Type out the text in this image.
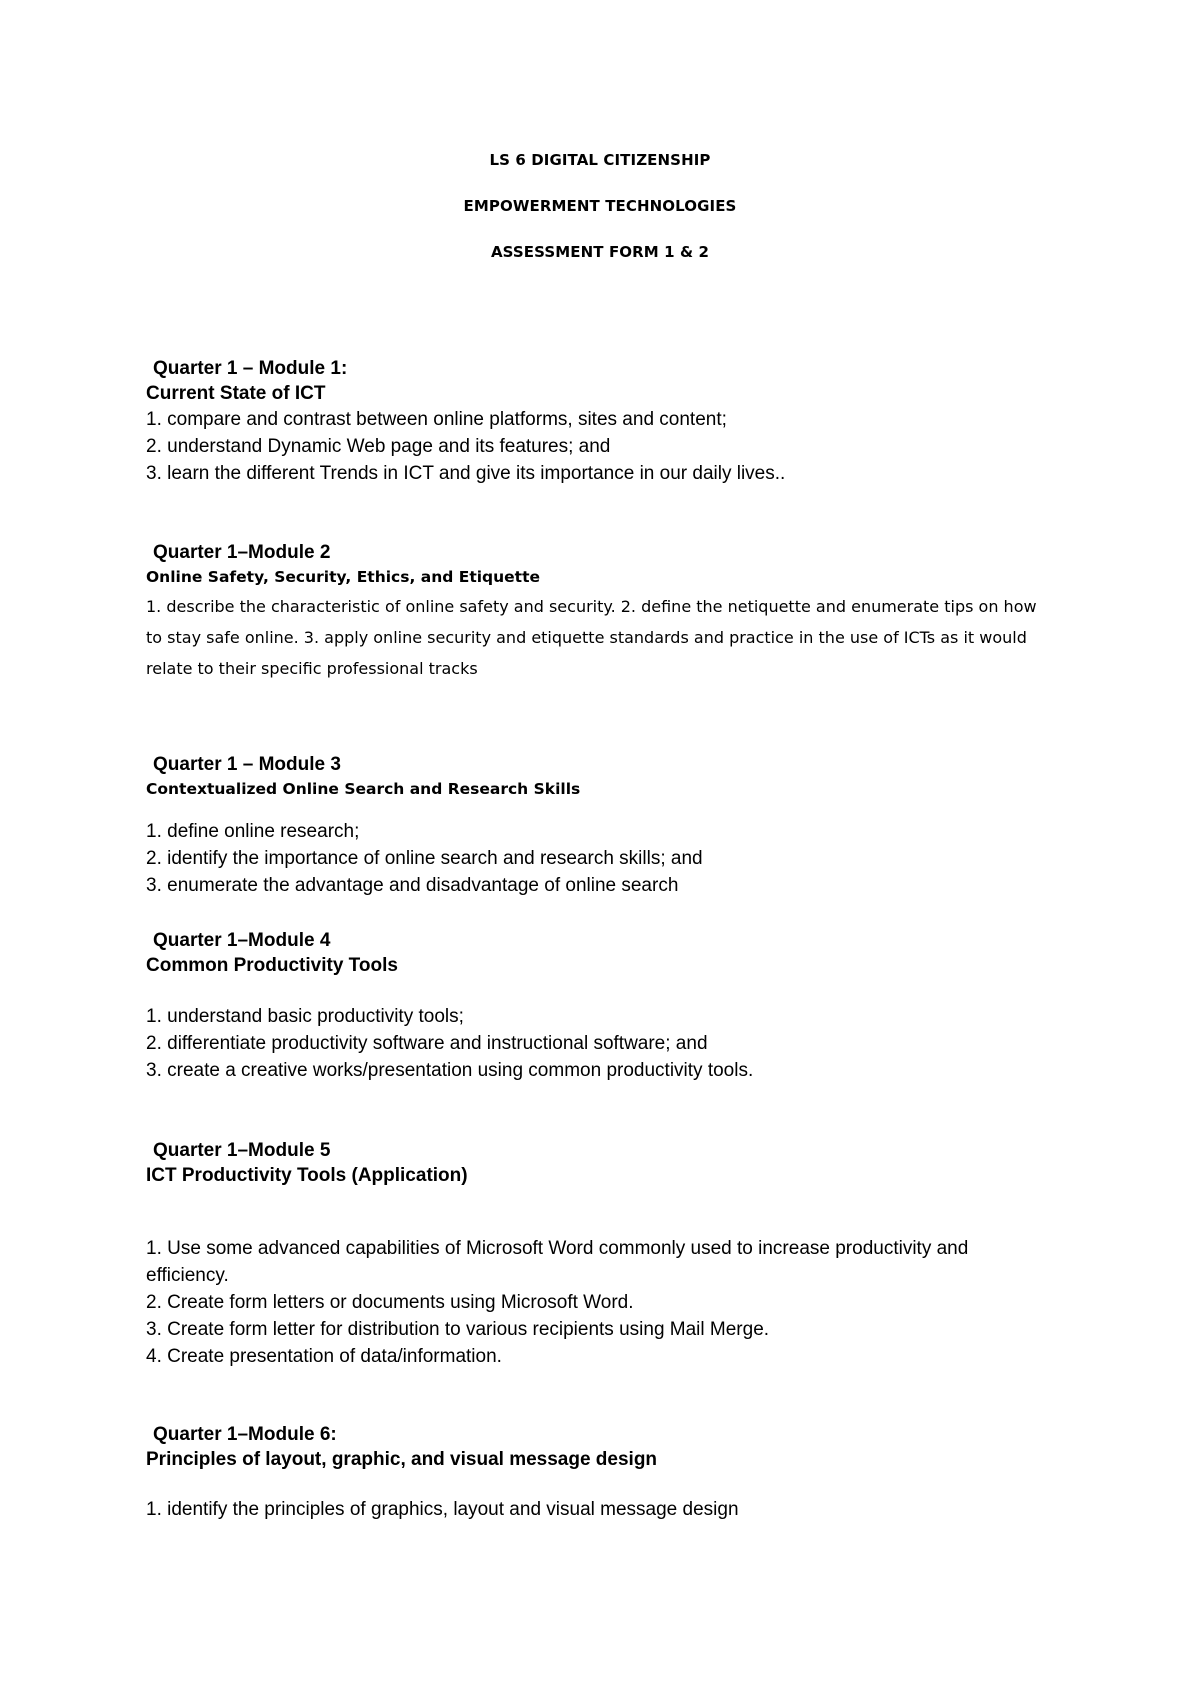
LS 6 DIGITAL CITIZENSHIP
EMPOWERMENT TECHNOLOGIES
ASSESSMENT FORM 1 & 2
Quarter 1 – Module 1:
Current State of ICT
1. compare and contrast between online platforms, sites and content;
2. understand Dynamic Web page and its features; and
3. learn the different Trends in ICT and give its importance in our daily lives..
Quarter 1–Module 2
Online Safety, Security, Ethics, and Etiquette
1. describe the characteristic of online safety and security. 2. define the netiquette and enumerate tips on how to stay safe online. 3. apply online security and etiquette standards and practice in the use of ICTs as it would relate to their specific professional tracks
Quarter 1 – Module 3
Contextualized Online Search and Research Skills
1. define online research;
2. identify the importance of online search and research skills; and
3. enumerate the advantage and disadvantage of online search
Quarter 1–Module 4
Common Productivity Tools
1. understand basic productivity tools;
2. differentiate productivity software and instructional software; and
3. create a creative works/presentation using common productivity tools.
Quarter 1–Module 5
ICT Productivity Tools (Application)
1. Use some advanced capabilities of Microsoft Word commonly used to increase productivity and efficiency.
2. Create form letters or documents using Microsoft Word.
3. Create form letter for distribution to various recipients using Mail Merge.
4. Create presentation of data/information.
Quarter 1–Module 6:
Principles of layout, graphic, and visual message design
1. identify the principles of graphics, layout and visual message design
